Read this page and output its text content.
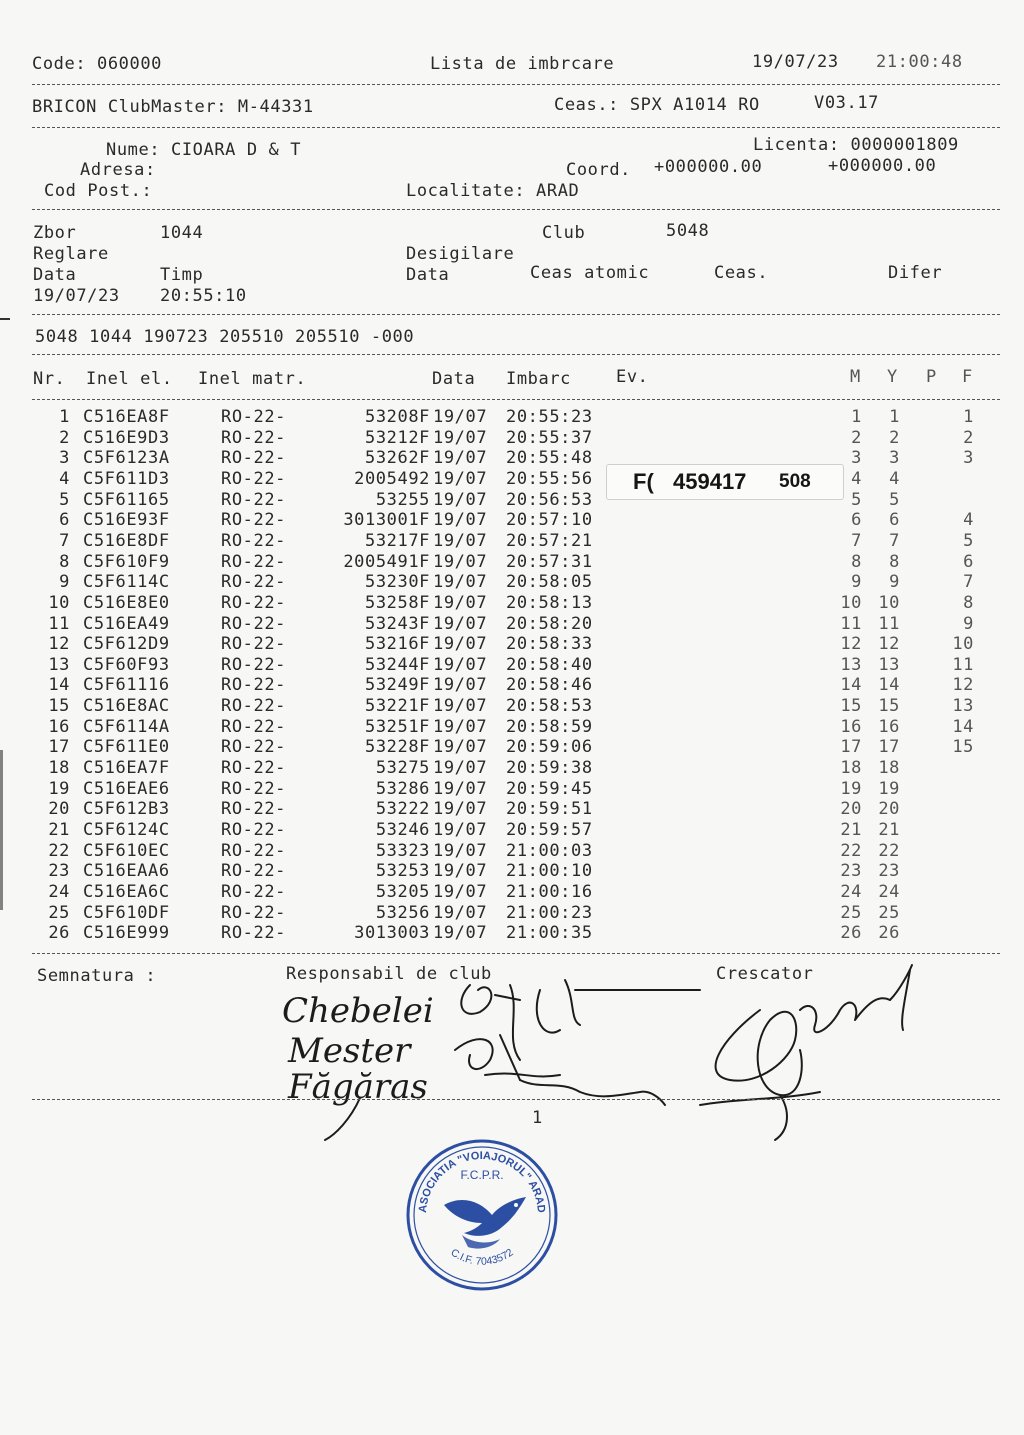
Code: 060000	Lista de imbrcare	19/07/23 21:00:48
BRICON ClubMaster: M-44331	Ceas.: SPX A1014 RO	V03.17
Nume: CIOARA D & T	Licenta: 0000001809
Adresa:	Coord. +000000.00	+000000.00
Cod Post.:	Localitate: ARAD
Zbor	1044	Club	5048
Reglare	Desigilare
Data	Timp	Data	Ceas atomic	Ceas.	Difer
19/07/23 20:55:10
5048 1044 190723 205510 205510 -000
Nr. Inel el. Inel matr.	Data Imbarc	Ev.	M Y P F
1 C516EA8F	RO-22-	53208F 19/07 20:55:23	1	1	1
2 C516E9D3	RO-22-	53212F 19/07 20:55:37	2	2	2
3 C5F6123A	RO-22-	53262F 19/07 20:55:48	3	3	3
4 C5F611D3	RO-22-	2005492 19/07 20:55:56	4	4
5 C5F61165	RO-22-	53255 19/07 20:56:53	5	5
6 C516E93F	RO-22-	3013001F 19/07 20:57:10	6	6	4
7 C516E8DF	RO-22-	53217F 19/07 20:57:21	7	7	5
8 C5F610F9	RO-22-	2005491F 19/07 20:57:31	8	8	6
9 C5F6114C	RO-22-	53230F 19/07 20:58:05	9	9	7
10 C516E8E0	RO-22-	53258F 19/07 20:58:13	10 10	8
11 C516EA49	RO-22-	53243F 19/07 20:58:20	11 11	9
12 C5F612D9	RO-22-	53216F 19/07 20:58:33	12 12	10
13 C5F60F93	RO-22-	53244F 19/07 20:58:40	13 13	11
14 C5F61116	RO-22-	53249F 19/07 20:58:46	14 14	12
15 C516E8AC	RO-22-	53221F 19/07 20:58:53	15 15	13
16 C5F6114A	RO-22-	53251F 19/07 20:58:59	16 16	14
17 C5F611E0	RO-22-	53228F 19/07 20:59:06	17 17	15
18 C516EA7F	RO-22-	53275 19/07 20:59:38	18 18
19 C516EAE6	RO-22-	53286 19/07 20:59:45	19 19
20 C5F612B3	RO-22-	53222 19/07 20:59:51	20 20
21 C5F6124C	RO-22-	53246 19/07 20:59:57	21 21
22 C5F610EC	RO-22-	53323 19/07 21:00:03	22 22
23 C516EAA6	RO-22-	53253 19/07 21:00:10	23 23
24 C516EA6C	RO-22-	53205 19/07 21:00:16	24 24
25 C5F610DF	RO-22-	53256 19/07 21:00:23	25 25
26 C516E999	RO-22-	3013003 19/07 21:00:35	26 26
F( 459417 508
Semnatura :	Responsabil de club	Crescator
Chebelei
Mester
Făgăras
1
ASOCIATIA "VOIAJORUL" ARAD
F.C.P.R.
C.I.F. 7043572
